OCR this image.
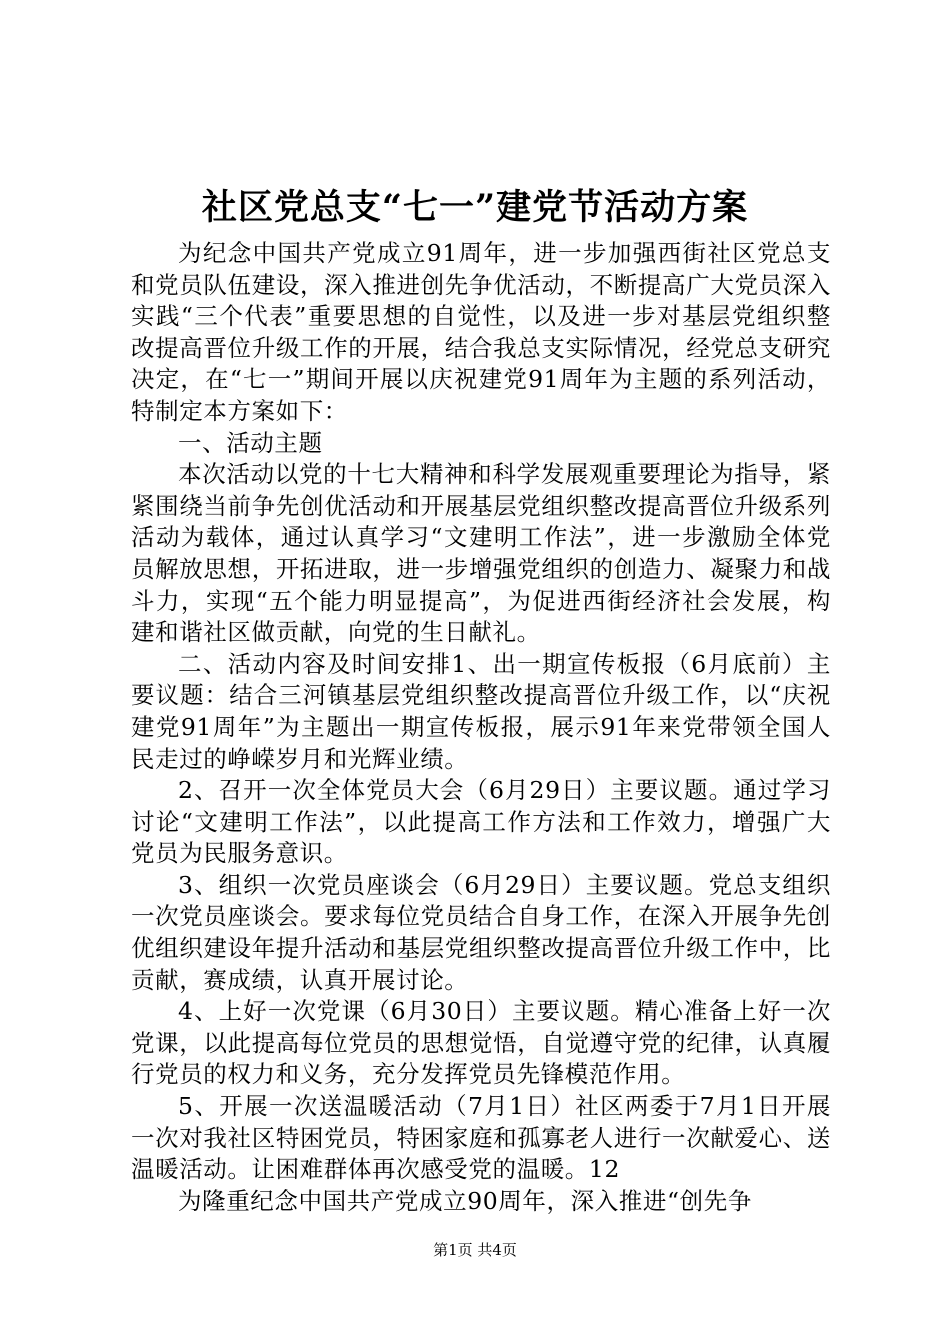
社区党总支“七一”建党节活动方案

为纪念中国共产党成立91周年，进一步加强西街社区党总支和党员队伍建设，深入推进创先争优活动，不断提高广大党员深入实践“三个代表”重要思想的自觉性，以及进一步对基层党组织整改提高晋位升级工作的开展，结合我总支实际情况，经党总支研究决定，在“七一”期间开展以庆祝建党91周年为主题的系列活动，特制定本方案如下：

一、活动主题

本次活动以党的十七大精神和科学发展观重要理论为指导，紧紧围绕当前争先创优活动和开展基层党组织整改提高晋位升级系列活动为载体，通过认真学习“文建明工作法”，进一步激励全体党员解放思想，开拓进取，进一步增强党组织的创造力、凝聚力和战斗力，实现“五个能力明显提高”，为促进西街经济社会发展，构建和谐社区做贡献，向党的生日献礼。

二、活动内容及时间安排1、出一期宣传板报（6月底前）主要议题：结合三河镇基层党组织整改提高晋位升级工作，以“庆祝建党91周年”为主题出一期宣传板报，展示91年来党带领全国人民走过的峥嵘岁月和光辉业绩。

2、召开一次全体党员大会（6月29日）主要议题。通过学习讨论“文建明工作法”，以此提高工作方法和工作效力，增强广大党员为民服务意识。

3、组织一次党员座谈会（6月29日）主要议题。党总支组织一次党员座谈会。要求每位党员结合自身工作，在深入开展争先创优组织建设年提升活动和基层党组织整改提高晋位升级工作中，比贡献，赛成绩，认真开展讨论。

4、上好一次党课（6月30日）主要议题。精心准备上好一次党课，以此提高每位党员的思想觉悟，自觉遵守党的纪律，认真履行党员的权力和义务，充分发挥党员先锋模范作用。

5、开展一次送温暖活动（7月1日）社区两委于7月1日开展一次对我社区特困党员，特困家庭和孤寡老人进行一次献爱心、送温暖活动。让困难群体再次感受党的温暖。12

为隆重纪念中国共产党成立90周年，深入推进“创先争

第1页 共4页
